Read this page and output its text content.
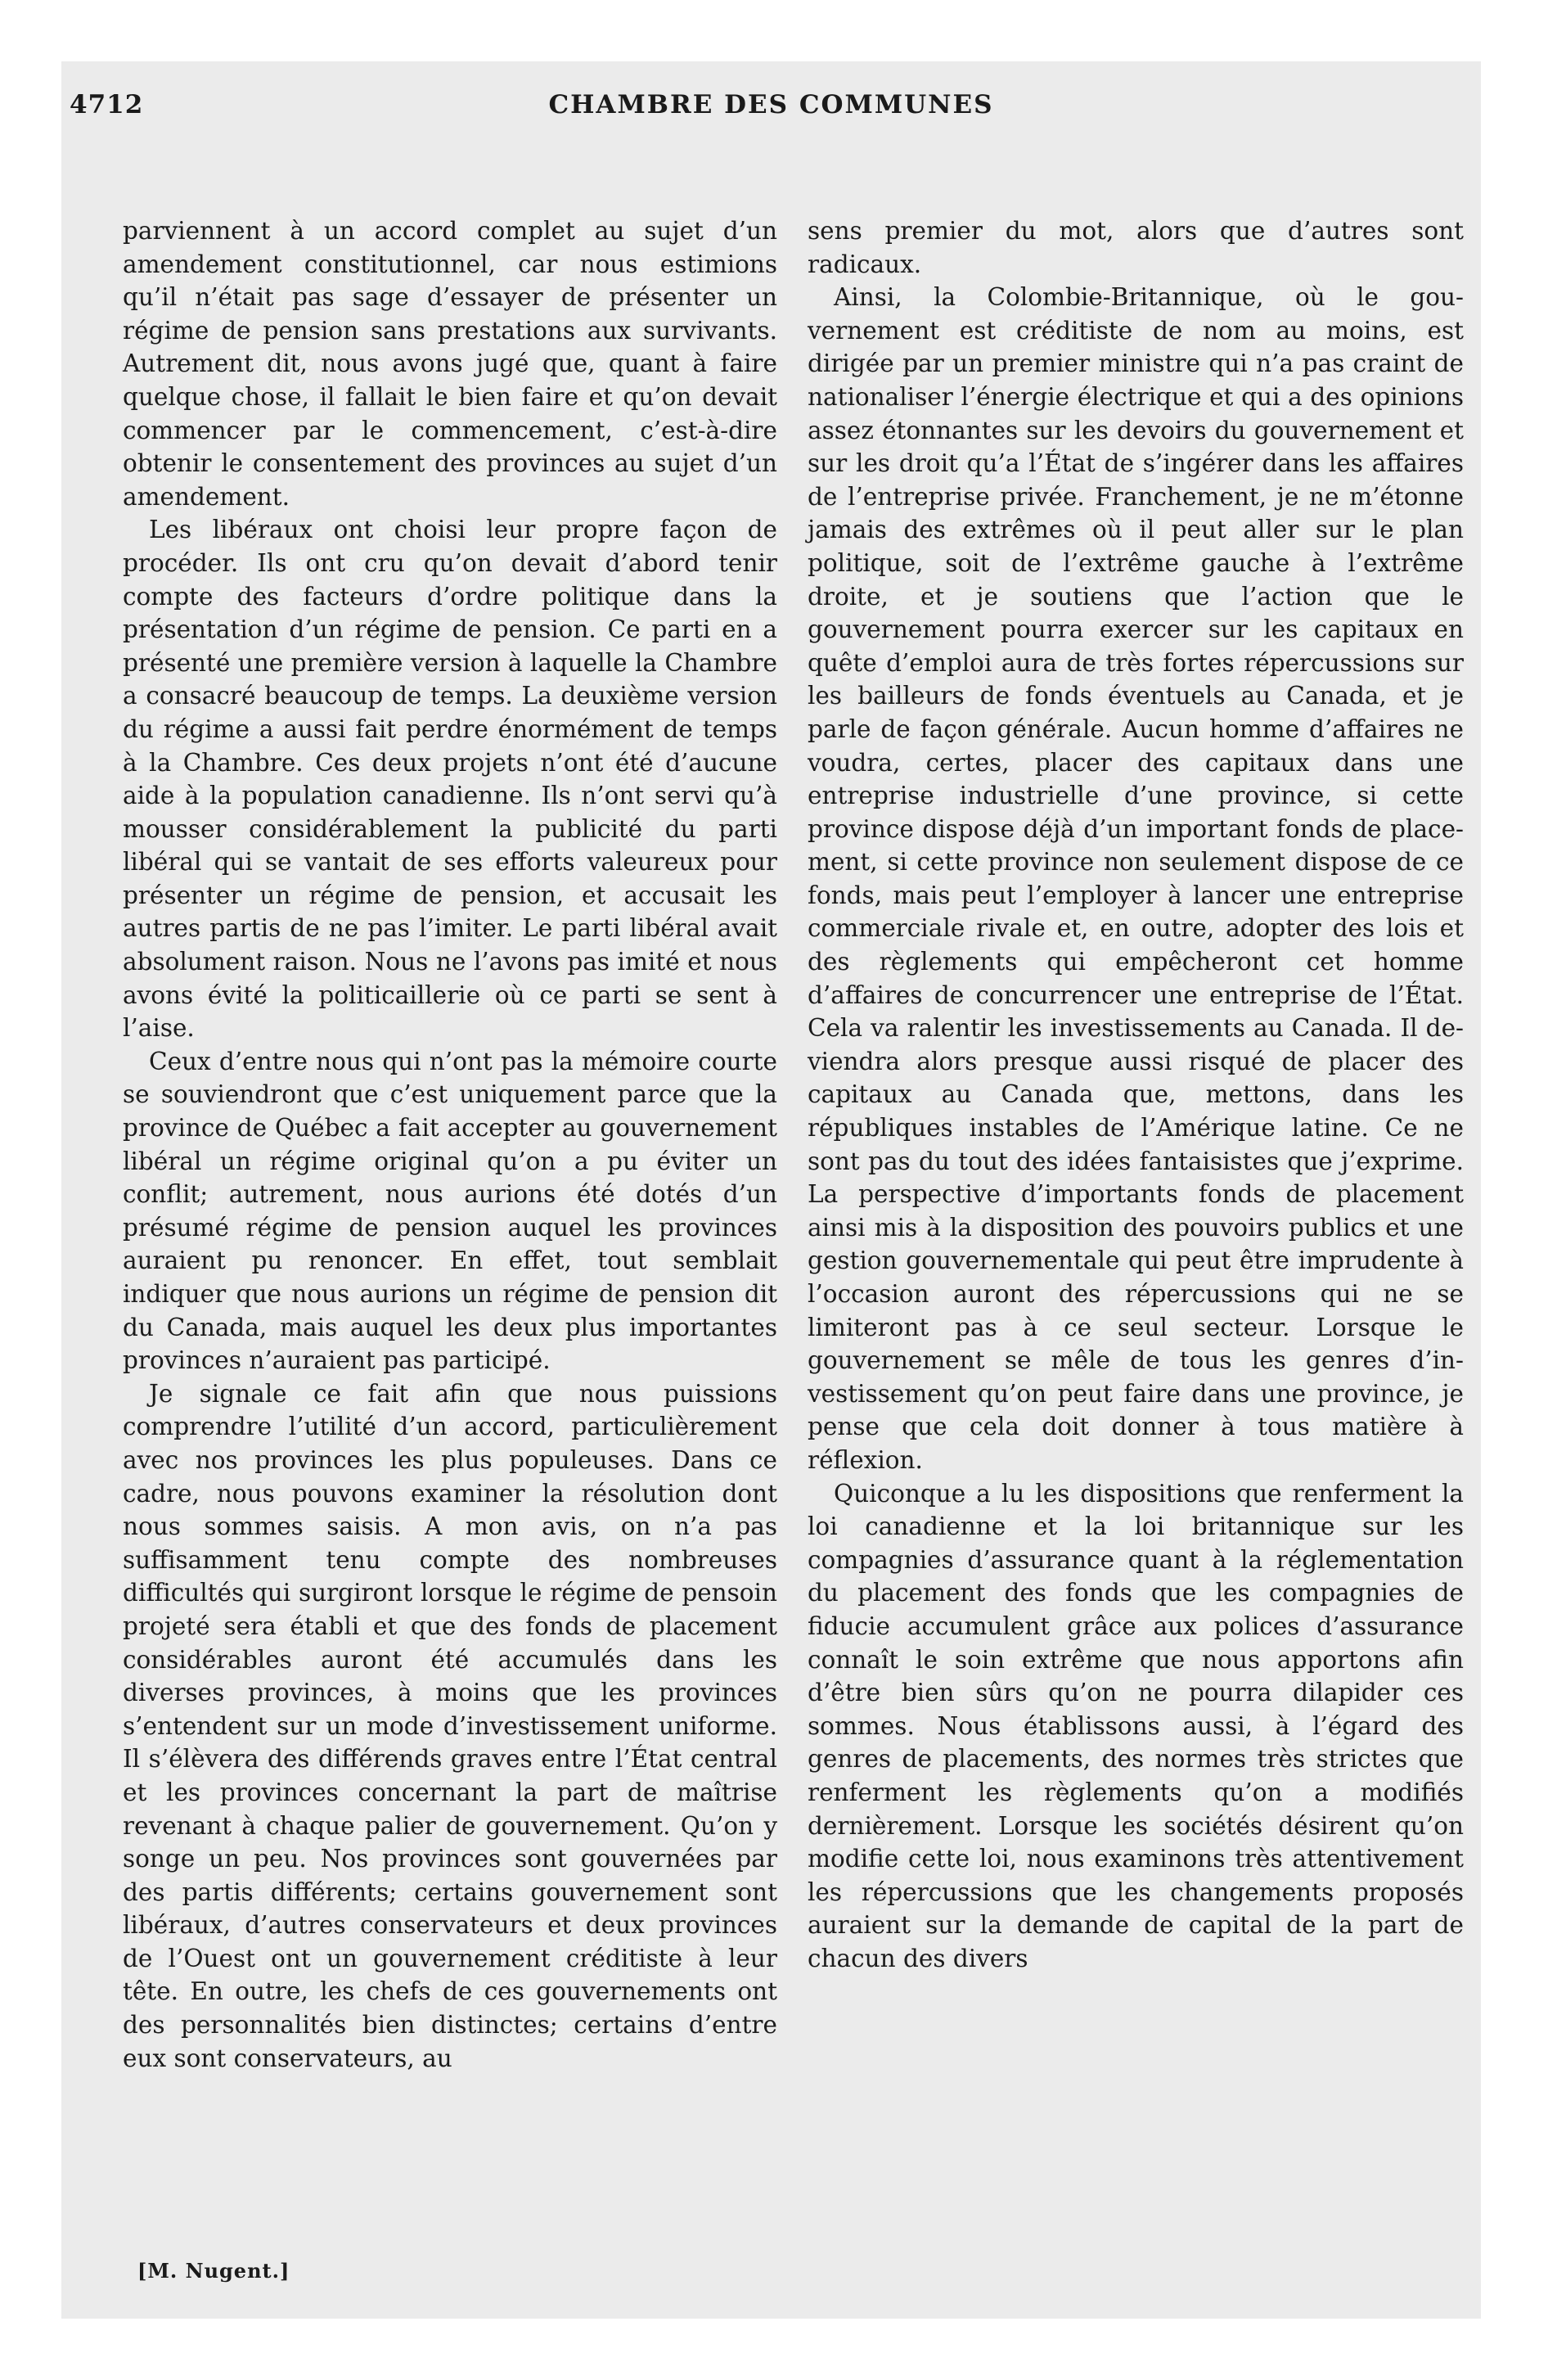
4712	CHAMBRE DES COMMUNES

parviennent à un accord complet au sujet d’un amendement constitutionnel, car nous estimions qu’il n’était pas sage d’essayer de présenter un régime de pension sans prestations aux survivants. Autrement dit, nous avons jugé que, quant à faire quelque chose, il fallait le bien faire et qu’on devait commencer par le commencement, c’est-à-dire obtenir le consentement des provinces au sujet d’un amendement.

Les libéraux ont choisi leur propre façon de procéder. Ils ont cru qu’on devait d’abord tenir compte des facteurs d’ordre politique dans la présentation d’un régime de pension. Ce parti en a présenté une première version à laquelle la Chambre a consacré beaucoup de temps. La deuxième version du régime a aussi fait perdre énormément de temps à la Chambre. Ces deux projets n’ont été d’aucune aide à la population canadienne. Ils n’ont servi qu’à mousser considérablement la publicité du parti libéral qui se vantait de ses efforts valeureux pour présenter un régime de pension, et accusait les autres partis de ne pas l’imiter. Le parti libéral avait absolument raison. Nous ne l’avons pas imité et nous avons évité la politicaillerie où ce parti se sent à l’aise.

Ceux d’entre nous qui n’ont pas la mémoire courte se souviendront que c’est uniquement parce que la province de Québec a fait accepter au gouvernement libéral un régime original qu’on a pu éviter un conflit; autrement, nous aurions été dotés d’un présumé régime de pension auquel les provinces auraient pu renoncer. En effet, tout semblait indiquer que nous aurions un régime de pension dit du Canada, mais auquel les deux plus importantes provinces n’auraient pas participé.

Je signale ce fait afin que nous puissions comprendre l’utilité d’un accord, particulièrement avec nos provinces les plus populeuses. Dans ce cadre, nous pouvons examiner la résolution dont nous sommes saisis. A mon avis, on n’a pas suffisamment tenu compte des nombreuses difficultés qui surgiront lorsque le régime de pensoin projeté sera établi et que des fonds de placement considérables auront été accumulés dans les diverses provinces, à moins que les provinces s’entendent sur un mode d’investissement uniforme. Il s’élèvera des différends graves entre l’État central et les provinces concernant la part de maîtrise revenant à chaque palier de gouvernement. Qu’on y songe un peu. Nos provinces sont gouvernées par des partis différents; certains gouvernement sont libéraux, d’autres conservateurs et deux provinces de l’Ouest ont un gouvernement créditiste à leur tête. En outre, les chefs de ces gouvernements ont des personnalités bien distinctes; certains d’entre eux sont conservateurs, au

sens premier du mot, alors que d’autres sont radicaux.

Ainsi, la Colombie-Britannique, où le gouvernement est créditiste de nom au moins, est dirigée par un premier ministre qui n’a pas craint de nationaliser l’énergie électrique et qui a des opinions assez étonnantes sur les devoirs du gouvernement et sur les droit qu’a l’État de s’ingérer dans les affaires de l’entreprise privée. Franchement, je ne m’étonne jamais des extrêmes où il peut aller sur le plan politique, soit de l’extrême gauche à l’extrême droite, et je soutiens que l’action que le gouvernement pourra exercer sur les capitaux en quête d’emploi aura de très fortes répercussions sur les bailleurs de fonds éventuels au Canada, et je parle de façon générale. Aucun homme d’affaires ne voudra, certes, placer des capitaux dans une entreprise industrielle d’une province, si cette province dispose déjà d’un important fonds de placement, si cette province non seulement dispose de ce fonds, mais peut l’employer à lancer une entreprise commerciale rivale et, en outre, adopter des lois et des règlements qui empêcheront cet homme d’affaires de concurrencer une entreprise de l’État. Cela va ralentir les investissements au Canada. Il deviendra alors presque aussi risqué de placer des capitaux au Canada que, mettons, dans les républiques instables de l’Amérique latine. Ce ne sont pas du tout des idées fantaisistes que j’exprime. La perspective d’importants fonds de placement ainsi mis à la disposition des pouvoirs publics et une gestion gouvernementale qui peut être imprudente à l’occasion auront des répercussions qui ne se limiteront pas à ce seul secteur. Lorsque le gouvernement se mêle de tous les genres d’investissement qu’on peut faire dans une province, je pense que cela doit donner à tous matière à réflexion.

Quiconque a lu les dispositions que renferment la loi canadienne et la loi britannique sur les compagnies d’assurance quant à la réglementation du placement des fonds que les compagnies de fiducie accumulent grâce aux polices d’assurance connaît le soin extrême que nous apportons afin d’être bien sûrs qu’on ne pourra dilapider ces sommes. Nous établissons aussi, à l’égard des genres de placements, des normes très strictes que renferment les règlements qu’on a modifiés dernièrement. Lorsque les sociétés désirent qu’on modifie cette loi, nous examinons très attentivement les répercussions que les changements proposés auraient sur la demande de capital de la part de chacun des divers

[M. Nugent.]
